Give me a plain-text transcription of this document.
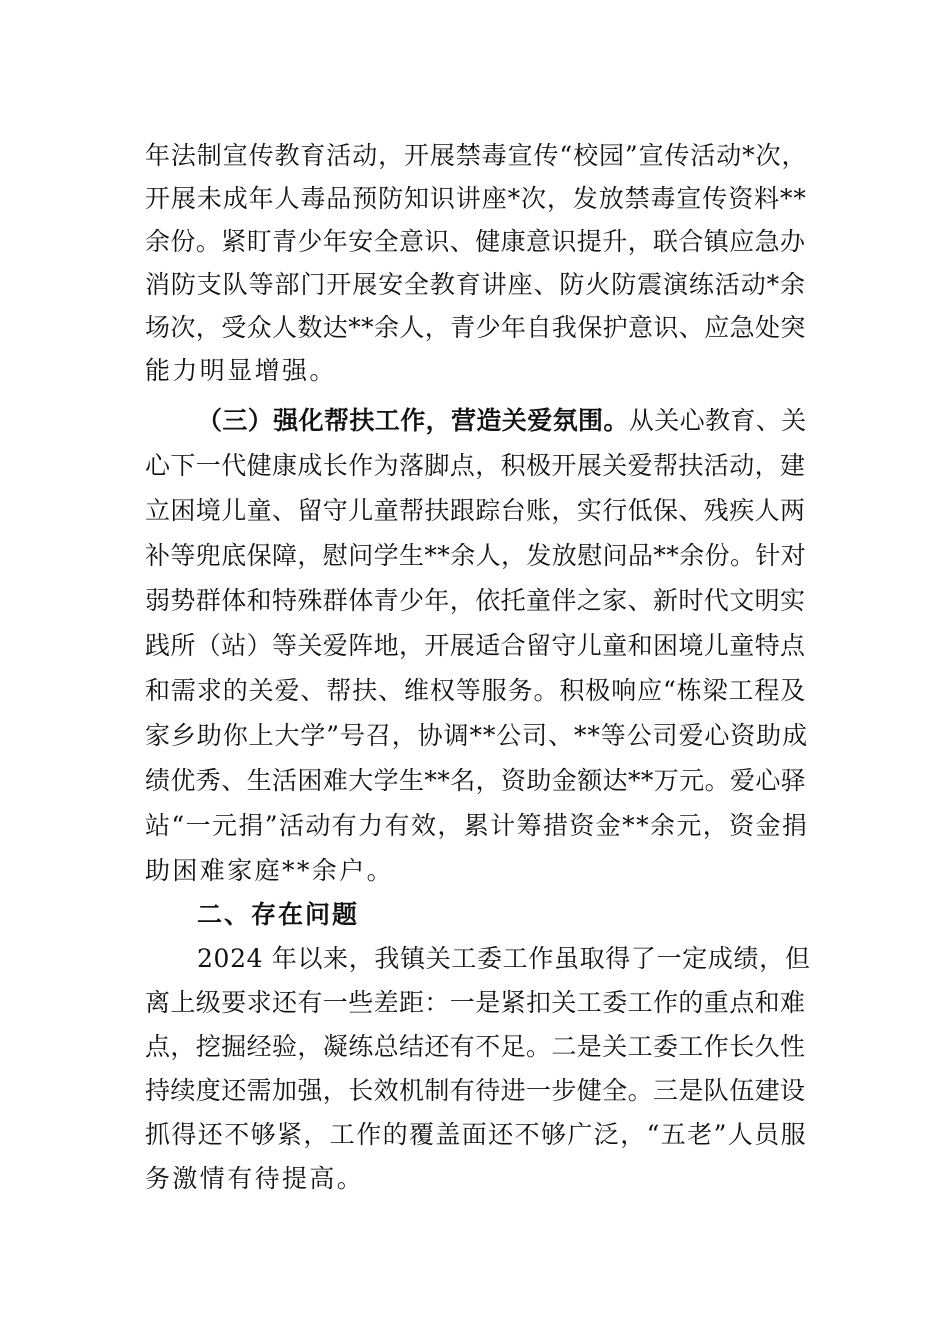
年法制宣传教育活动，开展禁毒宣传“校园”宣传活动*次，
开展未成年人毒品预防知识讲座*次，发放禁毒宣传资料**
余份。紧盯青少年安全意识、健康意识提升，联合镇应急办
消防支队等部门开展安全教育讲座、防火防震演练活动*余
场次，受众人数达**余人，青少年自我保护意识、应急处突
能力明显增强。
（三）强化帮扶工作，营造关爱氛围。从关心教育、关
心下一代健康成长作为落脚点，积极开展关爱帮扶活动，建
立困境儿童、留守儿童帮扶跟踪台账，实行低保、残疾人两
补等兜底保障，慰问学生**余人，发放慰问品**余份。针对
弱势群体和特殊群体青少年，依托童伴之家、新时代文明实
践所（站）等关爱阵地，开展适合留守儿童和困境儿童特点
和需求的关爱、帮扶、维权等服务。积极响应“栋梁工程及
家乡助你上大学”号召，协调**公司、**等公司爱心资助成
绩优秀、生活困难大学生**名，资助金额达**万元。爱心驿
站“一元捐”活动有力有效，累计筹措资金**余元，资金捐
助困难家庭**余户。
二、存在问题
2024 年以来，我镇关工委工作虽取得了一定成绩，但
离上级要求还有一些差距：一是紧扣关工委工作的重点和难
点，挖掘经验，凝练总结还有不足。二是关工委工作长久性
持续度还需加强，长效机制有待进一步健全。三是队伍建设
抓得还不够紧，工作的覆盖面还不够广泛，“五老”人员服
务激情有待提高。
